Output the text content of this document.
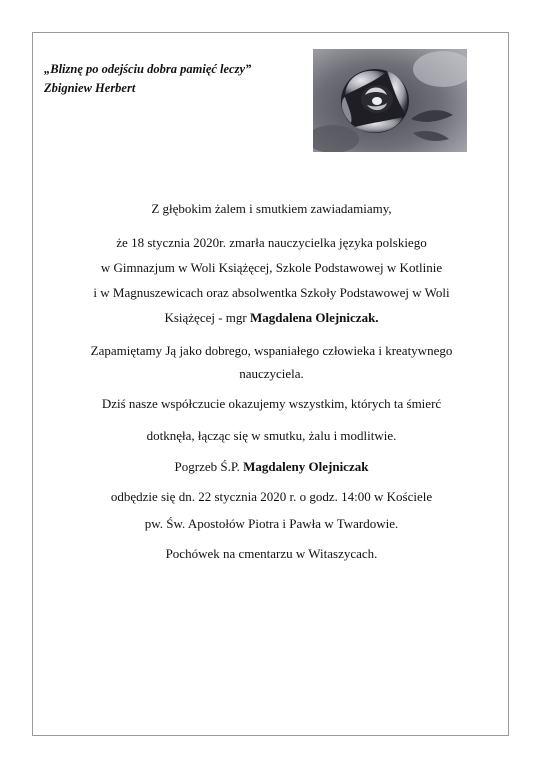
„Bliznę po odejściu dobra pamięć leczy”
Zbigniew Herbert
Z głębokim żalem i smutkiem zawiadamiamy,
że 18 stycznia 2020r. zmarła nauczycielka języka polskiego
w Gimnazjum w Woli Książęcej, Szkole Podstawowej w Kotlinie
i w Magnuszewicach oraz absolwentka Szkoły Podstawowej w Woli
Książęcej - mgr Magdalena Olejniczak.
Zapamiętamy Ją jako dobrego, wspaniałego człowieka i kreatywnego
nauczyciela.
Dziś nasze współczucie okazujemy wszystkim, których ta śmierć
dotknęła, łącząc się w smutku, żalu i modlitwie.
Pogrzeb Ś.P. Magdaleny Olejniczak
odbędzie się dn. 22 stycznia 2020 r. o godz. 14:00 w Kościele
pw. Św. Apostołów Piotra i Pawła w Twardowie.
Pochówek na cmentarzu w Witaszycach.
